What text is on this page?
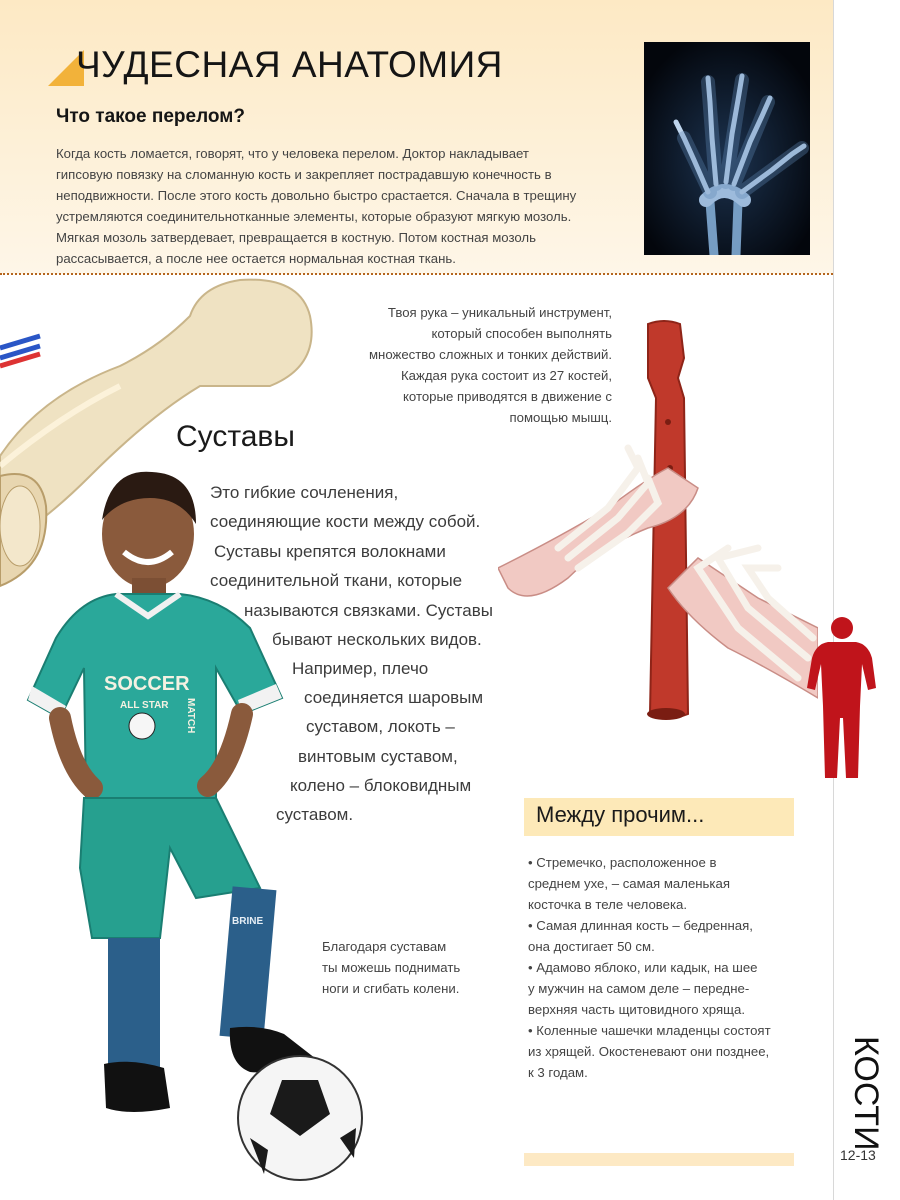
ЧУДЕСНАЯ АНАТОМИЯ
Что такое перелом?
Когда кость ломается, говорят, что у человека перелом. Доктор накладывает
гипсовую повязку на сломанную кость и закрепляет пострадавшую конечность в
неподвижности. После этого кость довольно быстро срастается. Сначала в трещину
устремляются соединительнотканные элементы, которые образуют мягкую мозоль.
Мягкая мозоль затвердевает, превращается в костную. Потом костная мозоль
рассасывается, а после нее остается нормальная костная ткань.
Твоя рука – уникальный инструмент,
который способен выполнять
множество сложных и тонких действий.
Каждая рука состоит из 27 костей,
которые приводятся в движение с
помощью мышц.
SOCCER
ALL STAR MATCH
BRINE
Суставы
Это гибкие сочленения,
соединяющие кости между собой.
Суставы крепятся волокнами
соединительной ткани, которые
называются связками. Суставы
бывают нескольких видов.
Например, плечо
соединяется шаровым
суставом, локоть –
винтовым суставом,
колено – блоковидным
суставом.
Благодаря суставам
ты можешь поднимать
ноги и сгибать колени.
Между прочим...
• Стремечко, расположенное в
среднем ухе, – самая маленькая
косточка в теле человека.
• Самая длинная кость – бедренная,
она достигает 50 см.
• Адамово яблоко, или кадык, на шее
у мужчин на самом деле – передне-
верхняя часть щитовидного хряща.
• Коленные чашечки младенцы состоят
из хрящей. Окостеневают они позднее,
к 3 годам.	КОСТИ
12-13
